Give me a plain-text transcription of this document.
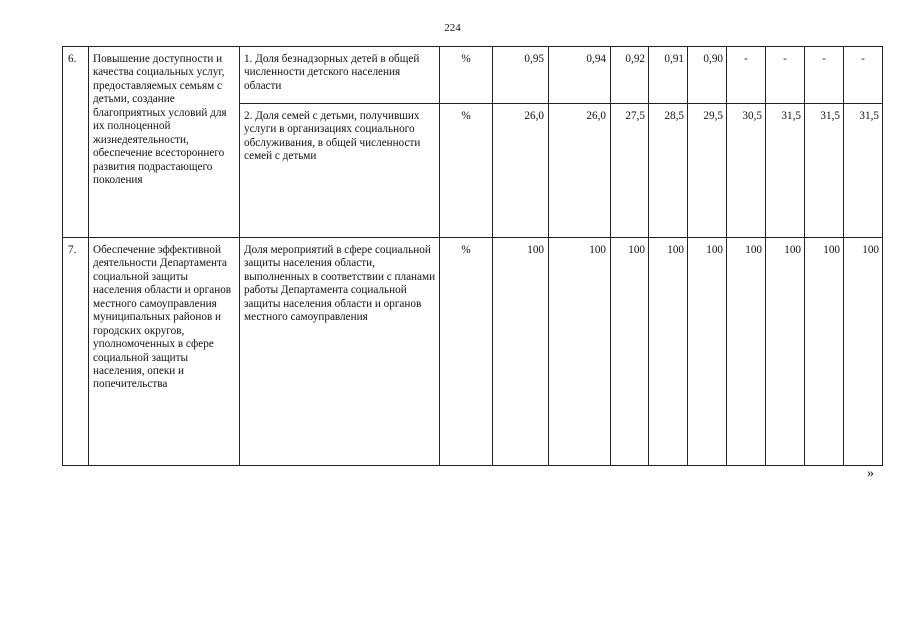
224
6.	Повышение доступности и качества социальных услуг, предоставляемых семьям с детьми, создание благоприятных условий для их полноценной жизнедеятельности, обеспечение всестороннего развития подрастающего поколения	1. Доля безнадзорных детей в общей численности детского населения области	%	0,95	0,94	0,92	0,91	0,90	-	-	-	-
		2. Доля семей с детьми, получивших услуги в организациях социального обслуживания, в общей численности семей с детьми	%	26,0	26,0	27,5	28,5	29,5	30,5	31,5	31,5	31,5
7.	Обеспечение эффективной деятельности Департамента социальной защиты населения области и органов местного самоуправления муниципальных районов и городских округов, уполномоченных в сфере социальной защиты населения, опеки и попечительства	Доля мероприятий в сфере социальной защиты населения области, выполненных в соответствии с планами работы Департамента социальной защиты населения области и органов местного самоуправления	%	100	100	100	100	100	100	100	100	100
»
